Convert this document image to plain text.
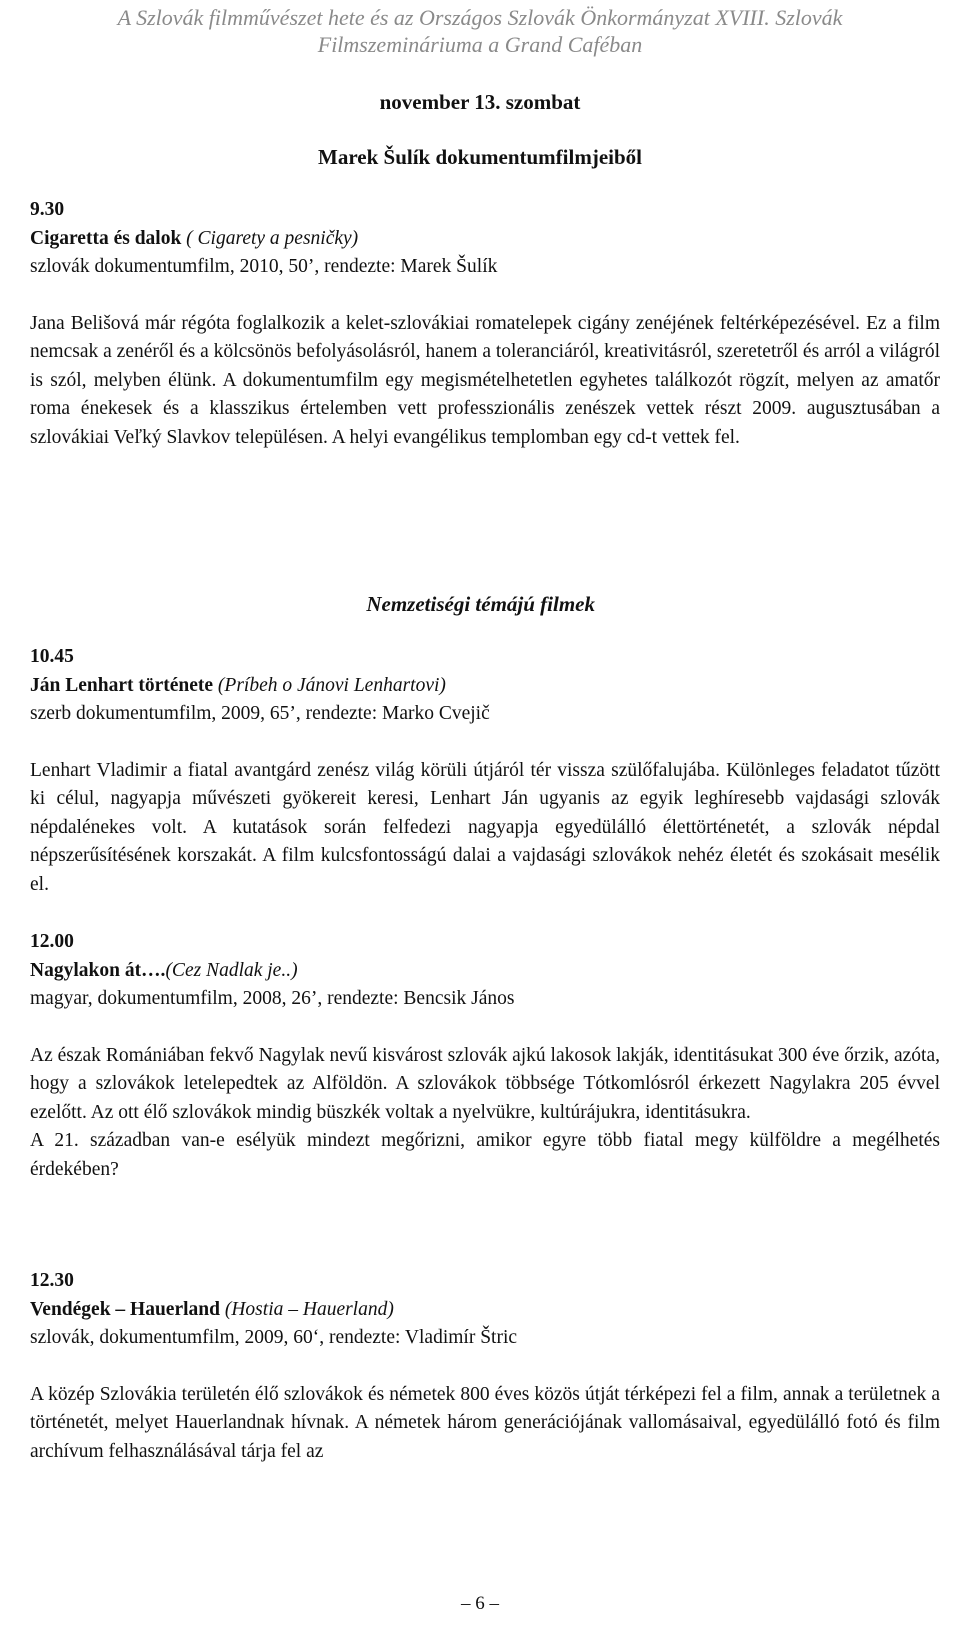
A Szlovák filmművészet hete és az Országos Szlovák Önkormányzat XVIII. Szlovák
Filmszemináriuma a Grand Caféban
november 13. szombat
Marek Šulík dokumentumfilmjeiből
9.30
Cigaretta és dalok ( Cigarety a pesničky)
szlovák dokumentumfilm, 2010, 50’, rendezte: Marek Šulík

Jana Belišová már régóta foglalkozik a kelet-szlovákiai romatelepek cigány zenéjének feltérképezésével. Ez a film nemcsak a zenéről és a kölcsönös befolyásolásról, hanem a toleranciáról, kreativitásról, szeretetről és arról a világról is szól, melyben élünk. A dokumentumfilm egy megismételhetetlen egyhetes találkozót rögzít, melyen az amatőr roma énekesek és a klasszikus értelemben vett professzionális zenészek vettek részt 2009. augusztusában a szlovákiai Veľký Slavkov településen. A helyi evangélikus templomban egy cd-t vettek fel.

Nemzetiségi témájú filmek
10.45
Ján Lenhart története (Príbeh o Jánovi Lenhartovi)
szerb dokumentumfilm, 2009, 65’, rendezte: Marko Cvejič

Lenhart Vladimir a fiatal avantgárd zenész világ körüli útjáról tér vissza szülőfalujába. Különleges feladatot tűzött ki célul, nagyapja művészeti gyökereit keresi, Lenhart Ján ugyanis az egyik leghíresebb vajdasági szlovák népdalénekes volt. A kutatások során felfedezi nagyapja egyedülálló élettörténetét, a szlovák népdal népszerűsítésének korszakát. A film kulcsfontosságú dalai a vajdasági szlovákok nehéz életét és szokásait mesélik el.

12.00
Nagylakon át….(Cez Nadlak je..)
magyar, dokumentumfilm, 2008, 26’, rendezte: Bencsik János

Az észak Romániában fekvő Nagylak nevű kisvárost szlovák ajkú lakosok lakják, identitásukat 300 éve őrzik, azóta, hogy a szlovákok letelepedtek az Alföldön. A szlovákok többsége Tótkomlósról érkezett Nagylakra 205 évvel ezelőtt. Az ott élő szlovákok mindig büszkék voltak a nyelvükre, kultúrájukra, identitásukra.

A 21. században van-e esélyük mindezt megőrizni, amikor egyre több fiatal megy külföldre a megélhetés érdekében?

12.30
Vendégek – Hauerland (Hostia – Hauerland)
szlovák, dokumentumfilm, 2009, 60‘, rendezte: Vladimír Štric

A közép Szlovákia területén élő szlovákok és németek 800 éves közös útját térképezi fel a film, annak a területnek a történetét, melyet Hauerlandnak hívnak. A németek három generációjának vallomásaival, egyedülálló fotó és film archívum felhasználásával tárja fel az

– 6 –
